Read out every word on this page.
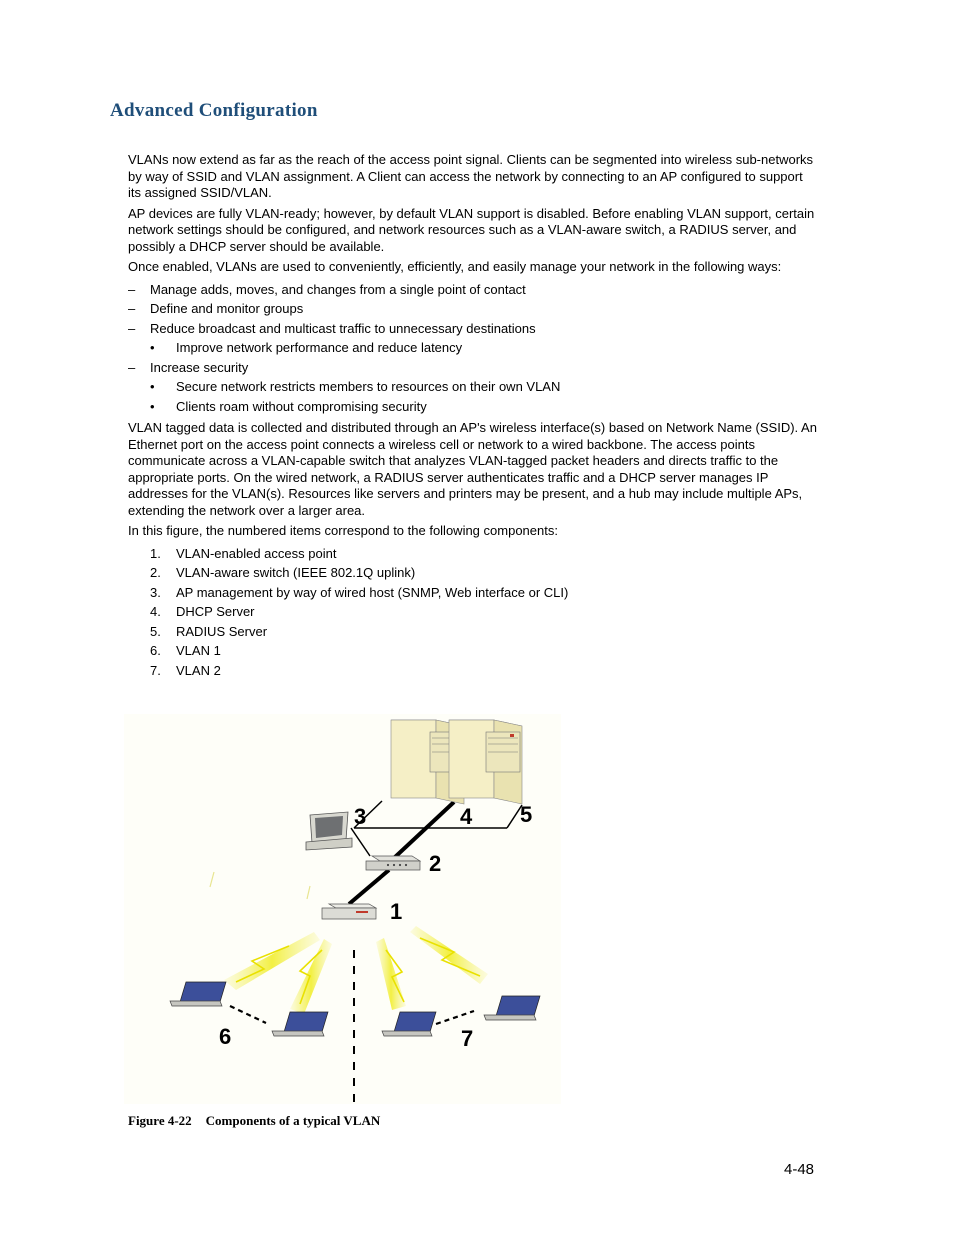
Advanced Configuration

VLANs now extend as far as the reach of the access point signal. Clients can be segmented into wireless sub-networks by way of SSID and VLAN assignment. A Client can access the network by connecting to an AP configured to support its assigned SSID/VLAN.

AP devices are fully VLAN-ready; however, by default VLAN support is disabled. Before enabling VLAN support, certain network settings should be configured, and network resources such as a VLAN-aware switch, a RADIUS server, and possibly a DHCP server should be available.

Once enabled, VLANs are used to conveniently, efficiently, and easily manage your network in the following ways:

– Manage adds, moves, and changes from a single point of contact
– Define and monitor groups
– Reduce broadcast and multicast traffic to unnecessary destinations
• Improve network performance and reduce latency
– Increase security
• Secure network restricts members to resources on their own VLAN
• Clients roam without compromising security

VLAN tagged data is collected and distributed through an AP's wireless interface(s) based on Network Name (SSID). An Ethernet port on the access point connects a wireless cell or network to a wired backbone. The access points communicate across a VLAN-capable switch that analyzes VLAN-tagged packet headers and directs traffic to the appropriate ports. On the wired network, a RADIUS server authenticates traffic and a DHCP server manages IP addresses for the VLAN(s). Resources like servers and printers may be present, and a hub may include multiple APs, extending the network over a larger area.

In this figure, the numbered items correspond to the following components:

1. VLAN-enabled access point
2. VLAN-aware switch (IEEE 802.1Q uplink)
3. AP management by way of wired host (SNMP, Web interface or CLI)
4. DHCP Server
5. RADIUS Server
6. VLAN 1
7. VLAN 2
1
2
3	4 5
6	7

Figure 4-22 Components of a typical VLAN

4-48
